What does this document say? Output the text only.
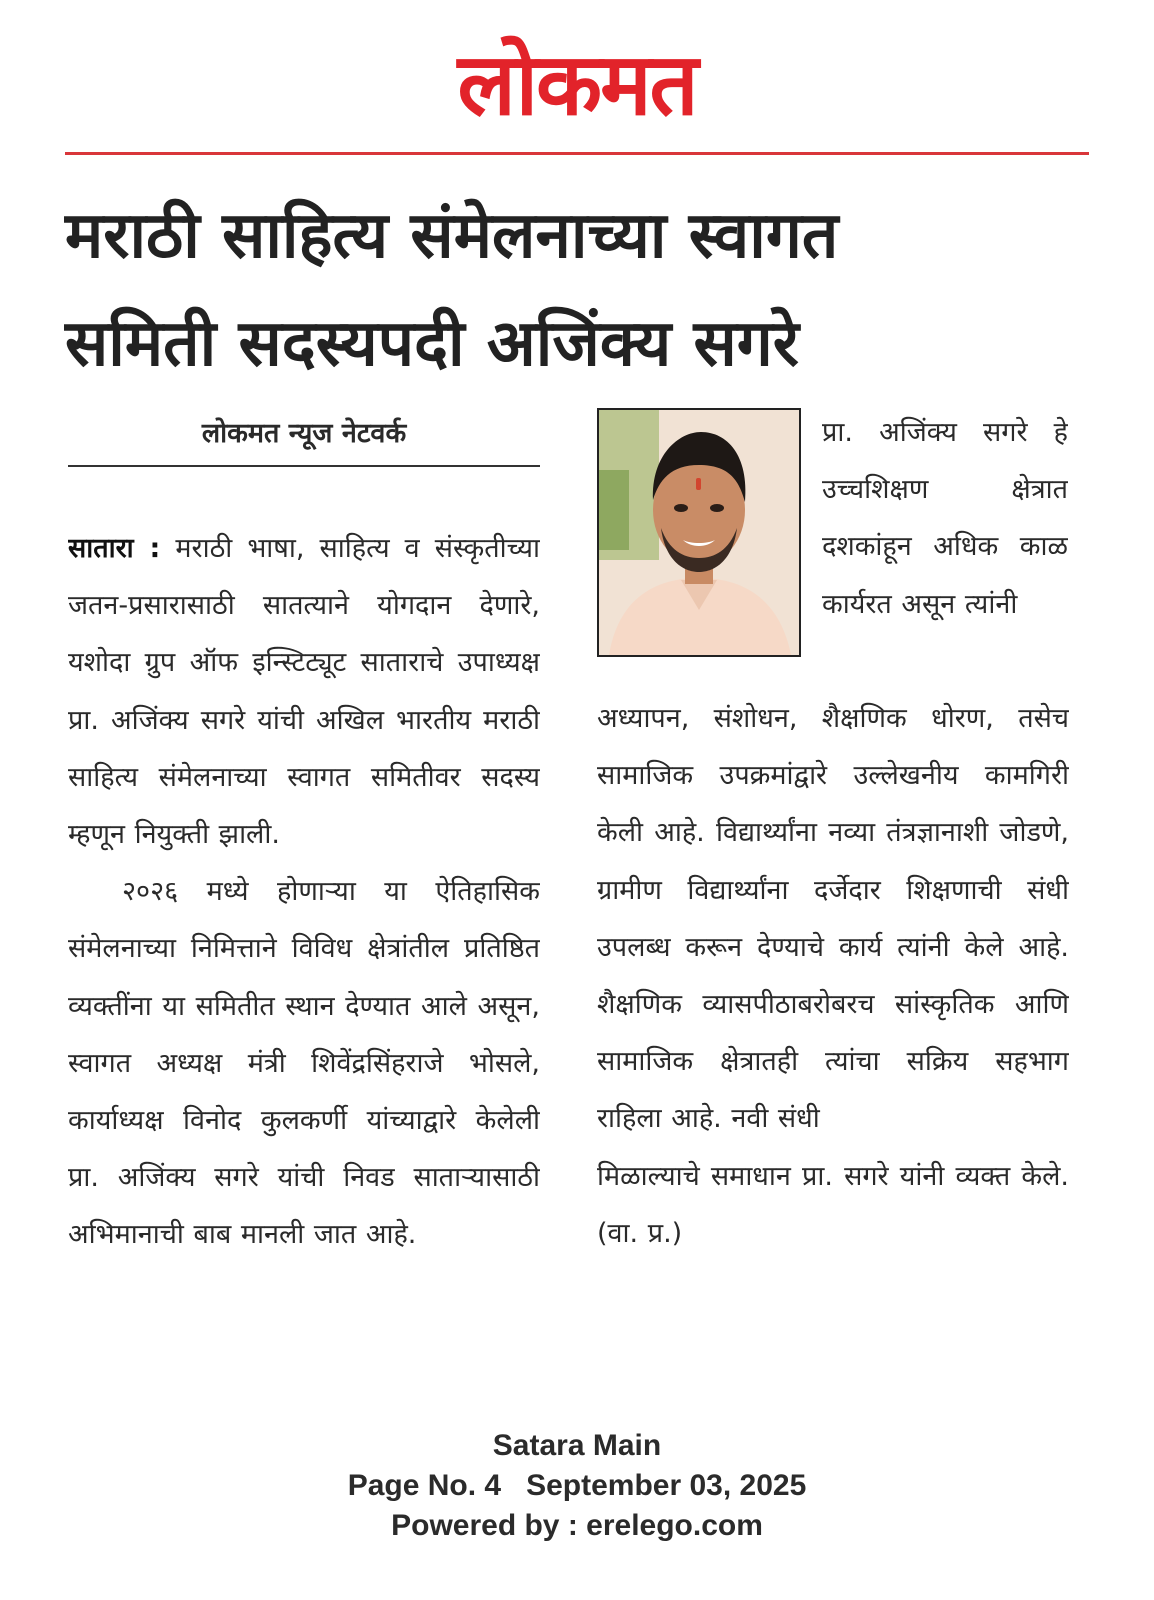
लोकमत
मराठी साहित्य संमेलनाच्या स्वागत
समिती सदस्यपदी अजिंक्य सगरे
लोकमत न्यूज नेटवर्क

सातारा : मराठी भाषा, साहित्य व संस्कृतीच्या जतन-प्रसारासाठी सातत्याने योगदान देणारे, यशोदा ग्रुप ऑफ इन्स्टिट्यूट साताराचे उपाध्यक्ष प्रा. अजिंक्य सगरे यांची अखिल भारतीय मराठी साहित्य संमेलनाच्या स्वागत समितीवर सदस्य म्हणून नियुक्ती झाली.

२०२६ मध्ये होणाऱ्या या ऐतिहासिक संमेलनाच्या निमित्ताने विविध क्षेत्रांतील प्रतिष्ठित व्यक्तींना या समितीत स्थान देण्यात आले असून, स्वागत अध्यक्ष मंत्री शिवेंद्रसिंहराजे भोसले, कार्याध्यक्ष विनोद कुलकर्णी यांच्याद्वारे केलेली प्रा. अजिंक्य सगरे यांची निवड साताऱ्यासाठी अभिमानाची बाब मानली जात आहे.

प्रा. अजिंक्य सगरे हे उच्चशिक्षण क्षेत्रात दशकांहून अधिक काळ कार्यरत असून त्यांनी

अध्यापन, संशोधन, शैक्षणिक धोरण, तसेच सामाजिक उपक्रमांद्वारे उल्लेखनीय कामगिरी केली आहे. विद्यार्थ्यांना नव्या तंत्रज्ञानाशी जोडणे, ग्रामीण विद्यार्थ्यांना दर्जेदार शिक्षणाची संधी उपलब्ध करून देण्याचे कार्य त्यांनी केले आहे. शैक्षणिक व्यासपीठाबरोबरच सांस्कृतिक आणि सामाजिक क्षेत्रातही त्यांचा सक्रिय सहभाग राहिला आहे. नवी संधी

मिळाल्याचे समाधान प्रा. सगरे यांनी व्यक्त केले. (वा. प्र.)

Satara Main
Page No. 4   September 03, 2025
Powered by : erelego.com
